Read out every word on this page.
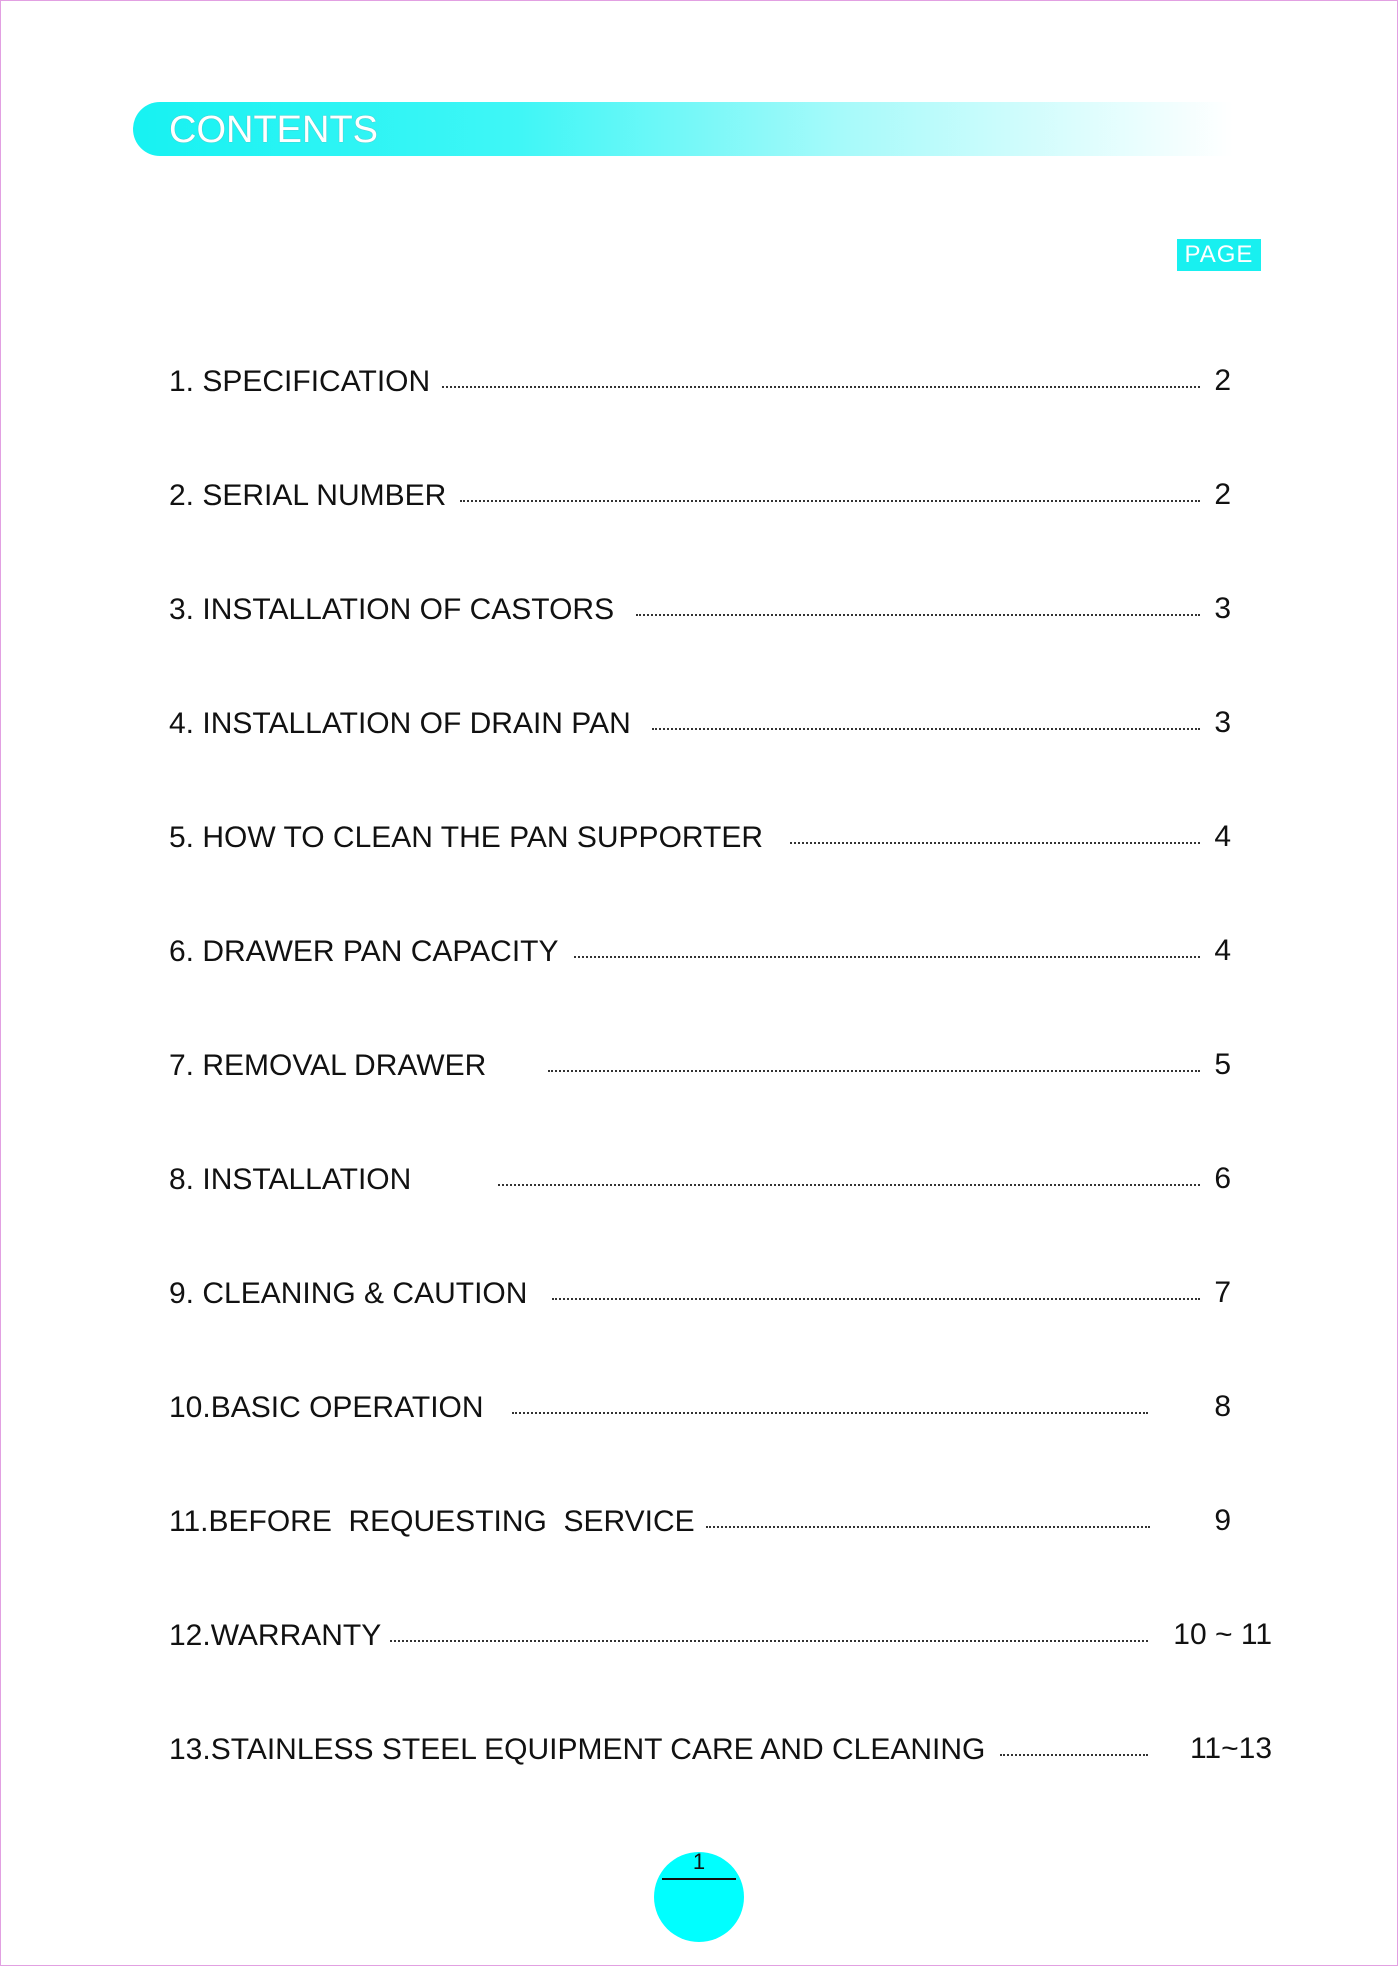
CONTENTS
PAGE
1. SPECIFICATION	2
2. SERIAL NUMBER	2
3. INSTALLATION OF CASTORS	3
4. INSTALLATION OF DRAIN PAN	3
5. HOW TO CLEAN THE PAN SUPPORTER	4
6. DRAWER PAN CAPACITY	4
7. REMOVAL DRAWER	5
8. INSTALLATION	6
9. CLEANING & CAUTION	7
10.BASIC OPERATION	8
11.BEFORE  REQUESTING  SERVICE	9
12.WARRANTY	10 ~ 11
13.STAINLESS STEEL EQUIPMENT CARE AND CLEANING	11~13
1
